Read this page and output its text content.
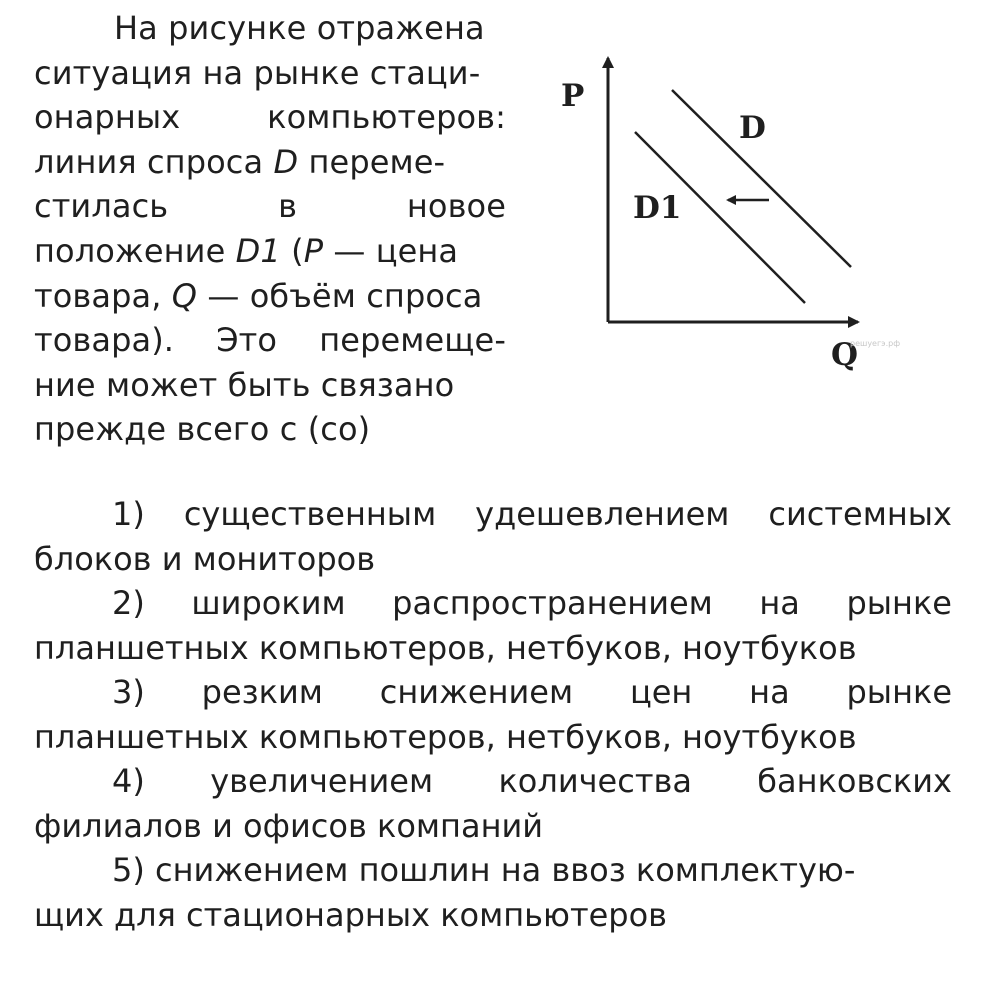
На рисунке отражена
ситуация на рынке стаци-
онарных	компьютеров:
линия спроса D переме-
стилась	в	новое
положение D1 ( P — цена
товара, Q — объём спроса
товара). Это перемеще-
ние может быть связано
прежде всего с (со)
P
Q
D
D1
решуегэ.рф
1) существенным удешевлением системных
блоков и мониторов
2) широким распространением на рынке
планшетных компьютеров, нетбуков, ноутбуков
3) резким снижением цен на рынке
планшетных компьютеров, нетбуков, ноутбуков
4) увеличением количества банковских
филиалов и офисов компаний
5) снижением пошлин на ввоз комплектую-
щих для стационарных компьютеров
